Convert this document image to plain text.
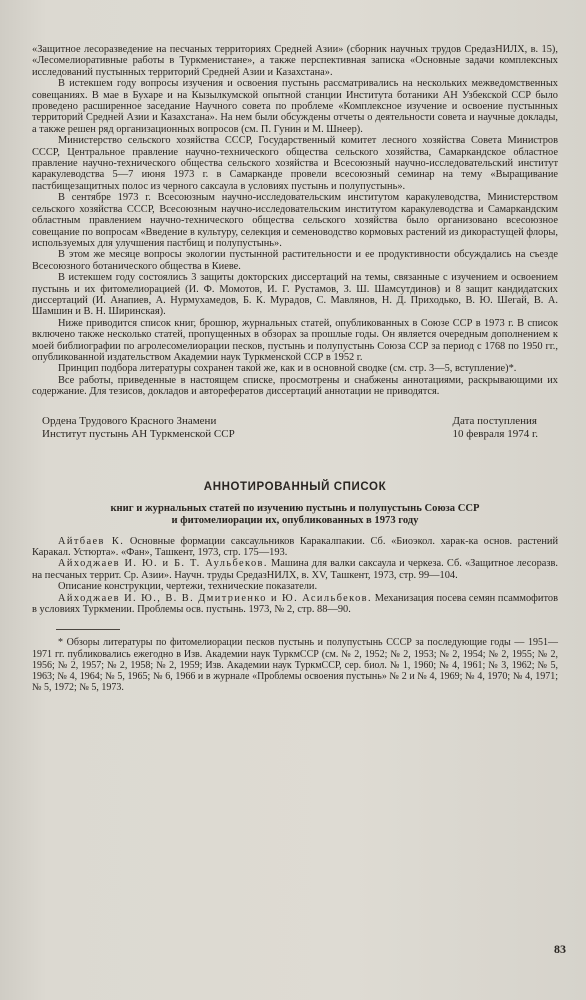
«Защитное лесоразведение на песчаных территориях Средней Азии» (сборник научных трудов СредазНИЛХ, в. 15), «Лесомелиоративные работы в Туркменистане», а также перспективная записка «Основные задачи комплексных исследований пустынных территорий Средней Азии и Казахстана».

В истекшем году вопросы изучения и освоения пустынь рассматривались на нескольких межведомственных совещаниях. В мае в Бухаре и на Кызылкумской опытной станции Института ботаники АН Узбекской ССР было проведено расширенное заседание Научного совета по проблеме «Комплексное изучение и освоение пустынных территорий Средней Азии и Казахстана». На нем были обсуждены отчеты о деятельности совета и научные доклады, а также решен ряд организационных вопросов (см. П. Гунин и М. Шнеер).

Министерство сельского хозяйства СССР, Государственный комитет лесного хозяйства Совета Министров СССР, Центральное правление научно-технического общества сельского хозяйства, Самаркандское областное правление научно-технического общества сельского хозяйства и Всесоюзный научно-исследовательский институт каракулеводства 5—7 июня 1973 г. в Самарканде провели всесоюзный семинар на тему «Выращивание пастбищезащитных полос из черного саксаула в условиях пустынь и полупустынь».

В сентябре 1973 г. Всесоюзным научно-исследовательским институтом каракулеводства, Министерством сельского хозяйства СССР, Всесоюзным научно-исследовательским институтом каракулеводства и Самаркандским областным правлением научно-технического общества сельского хозяйства было организовано всесоюзное совещание по вопросам «Введение в культуру, селекция и семеноводство кормовых растений из дикорастущей флоры, используемых для улучшения пастбищ и полупустынь».

В этом же месяце вопросы экологии пустынной растительности и ее продуктивности обсуждались на съезде Всесоюзного ботанического общества в Киеве.

В истекшем году состоялись 3 защиты докторских диссертаций на темы, связанные с изучением и освоением пустынь и их фитомелиорацией (И. Ф. Момотов, И. Г. Рустамов, З. Ш. Шамсутдинов) и 8 защит кандидатских диссертаций (И. Анапиев, А. Нурмухамедов, Б. К. Мурадов, С. Мавлянов, Н. Д. Приходько, В. Ю. Шегай, В. А. Шамшин и В. Н. Ширинская).

Ниже приводится список книг, брошюр, журнальных статей, опубликованных в Союзе ССР в 1973 г. В список включено также несколько статей, пропущенных в обзорах за прошлые годы. Он является очередным дополнением к моей библиографии по агролесомелиорации песков, пустынь и полупустынь Союза ССР за период с 1768 по 1950 гг., опубликованной издательством Академии наук Туркменской ССР в 1952 г.

Принцип подбора литературы сохранен такой же, как и в основной сводке (см. стр. 3—5, вступление)*.

Все работы, приведенные в настоящем списке, просмотрены и снабжены аннотациями, раскрывающими их содержание. Для тезисов, докладов и авторефератов диссертаций аннотации не приводятся.

Ордена Трудового Красного Знамени
Институт пустынь АН Туркменской ССР
Дата поступления
10 февраля 1974 г.
АННОТИРОВАННЫЙ СПИСОК
книг и журнальных статей по изучению пустынь и полупустынь Союза ССР
и фитомелиорации их, опубликованных в 1973 году

Айтбаев К. Основные формации саксаульников Каракалпакии. Сб. «Биоэкол. харак-ка основ. растений Каракал. Устюрта». «Фан», Ташкент, 1973, стр. 175—193.

Айходжаев И. Ю. и Б. Т. Аульбеков. Машина для валки саксаула и черкеза. Сб. «Защитное лесоразв. на песчаных террит. Ср. Азии». Научн. труды СредазНИЛХ, в. XV, Ташкент, 1973, стр. 99—104.

Описание конструкции, чертежи, технические показатели.

Айходжаев И. Ю., В. В. Дмитриенко и Ю. Асильбеков. Механизация посева семян псаммофитов в условиях Туркмении. Проблемы осв. пустынь. 1973, № 2, стр. 88—90.

* Обзоры литературы по фитомелиорации песков пустынь и полупустынь СССР за последующие годы — 1951—1971 гг. публиковались ежегодно в Изв. Академии наук ТуркмССР (см. № 2, 1952; № 2, 1953; № 2, 1954; № 2, 1955; № 2, 1956; № 2, 1957; № 2, 1958; № 2, 1959; Изв. Академии наук ТуркмССР, сер. биол. № 1, 1960; № 4, 1961; № 3, 1962; № 5, 1963; № 4, 1964; № 5, 1965; № 6, 1966 и в журнале «Проблемы освоения пустынь» № 2 и № 4, 1969; № 4, 1970; № 4, 1971; № 5, 1972; № 5, 1973.

83
